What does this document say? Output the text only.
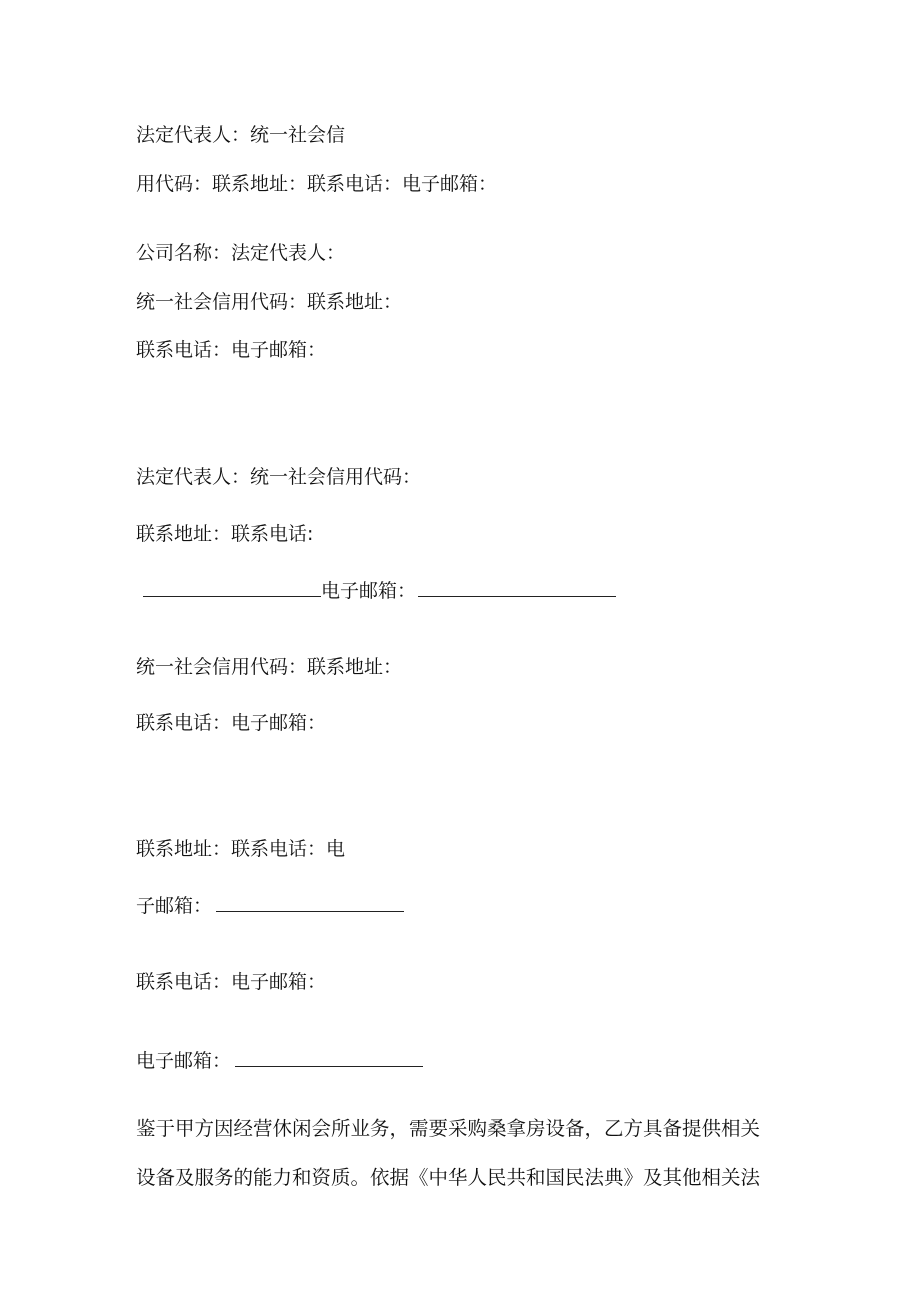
法定代表人：统一社会信
用代码：联系地址：联系电话：电子邮箱：
公司名称：法定代表人：
统一社会信用代码：联系地址：
联系电话：电子邮箱：
法定代表人：统一社会信用代码：
联系地址：联系电话:
电子邮箱：
统一社会信用代码：联系地址：
联系电话：电子邮箱：
联系地址：联系电话：电
子邮箱：
联系电话：电子邮箱：
电子邮箱：
鉴于甲方因经营休闲会所业务，需要采购桑拿房设备，乙方具备提供相关
设备及服务的能力和资质。依据《中华人民共和国民法典》及其他相关法
